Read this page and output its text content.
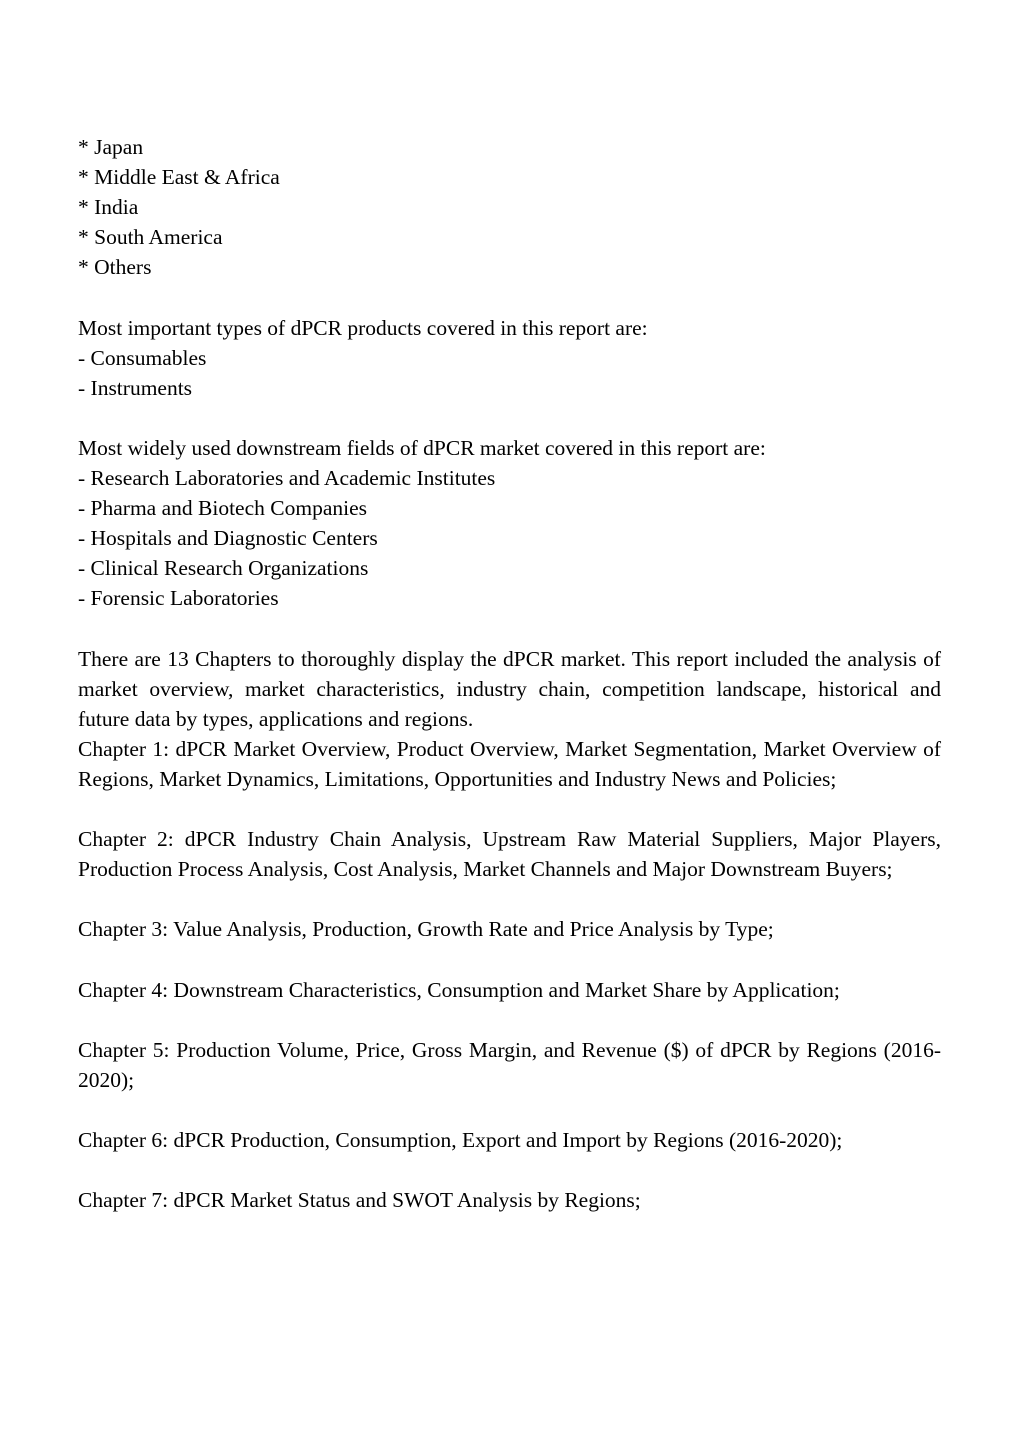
* Japan
* Middle East & Africa
* India
* South America
* Others
Most important types of dPCR products covered in this report are:
- Consumables
- Instruments
Most widely used downstream fields of dPCR market covered in this report are:
- Research Laboratories and Academic Institutes
- Pharma and Biotech Companies
- Hospitals and Diagnostic Centers
- Clinical Research Organizations
- Forensic Laboratories

There are 13 Chapters to thoroughly display the dPCR market. This report included the analysis of market overview, market characteristics, industry chain, competition landscape, historical and future data by types, applications and regions.

Chapter 1: dPCR Market Overview, Product Overview, Market Segmentation, Market Overview of Regions, Market Dynamics, Limitations, Opportunities and Industry News and Policies;

Chapter 2: dPCR Industry Chain Analysis, Upstream Raw Material Suppliers, Major Players, Production Process Analysis, Cost Analysis, Market Channels and Major Downstream Buyers;

Chapter 3: Value Analysis, Production, Growth Rate and Price Analysis by Type;

Chapter 4: Downstream Characteristics, Consumption and Market Share by Application;

Chapter 5: Production Volume, Price, Gross Margin, and Revenue ($) of dPCR by Regions (2016-2020);

Chapter 6: dPCR Production, Consumption, Export and Import by Regions (2016-2020);

Chapter 7: dPCR Market Status and SWOT Analysis by Regions;
